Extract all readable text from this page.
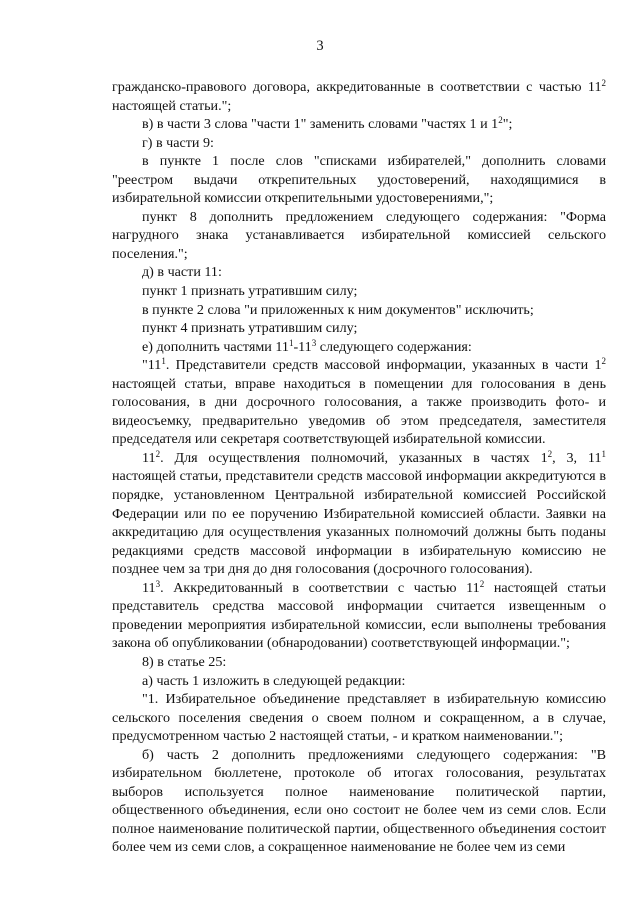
3

гражданско-правового договора, аккредитованные в соответствии с частью $11^2$ настоящей статьи.";

в) в части 3 слова "части 1" заменить словами "частях 1 и $1^2$";

г) в части 9:

в пункте 1 после слов "списками избирателей," дополнить словами "реестром выдачи открепительных удостоверений, находящимися в избирательной комиссии открепительными удостоверениями,";

пункт 8 дополнить предложением следующего содержания: "Форма нагрудного знака устанавливается избирательной комиссией сельского поселения.";

д) в части 11:

пункт 1 признать утратившим силу;

в пункте 2 слова "и приложенных к ним документов" исключить;

пункт 4 признать утратившим силу;

е) дополнить частями $11^1-11^3$ следующего содержания:

"$11^1$. Представители средств массовой информации, указанных в части $1^2$ настоящей статьи, вправе находиться в помещении для голосования в день голосования, в дни досрочного голосования, а также производить фото- и видеосъемку, предварительно уведомив об этом председателя, заместителя председателя или секретаря соответствующей избирательной комиссии.

$11^2$. Для осуществления полномочий, указанных в частях $1^2$, 3, $11^1$ настоящей статьи, представители средств массовой информации аккредитуются в порядке, установленном Центральной избирательной комиссией Российской Федерации или по ее поручению Избирательной комиссией области. Заявки на аккредитацию для осуществления указанных полномочий должны быть поданы редакциями средств массовой информации в избирательную комиссию не позднее чем за три дня до дня голосования (досрочного голосования).

$11^3$. Аккредитованный в соответствии с частью $11^2$ настоящей статьи представитель средства массовой информации считается извещенным о проведении мероприятия избирательной комиссии, если выполнены требования закона об опубликовании (обнародовании) соответствующей информации.";

8) в статье 25:

а) часть 1 изложить в следующей редакции:

"1. Избирательное объединение представляет в избирательную комиссию сельского поселения сведения о своем полном и сокращенном, а в случае, предусмотренном частью 2 настоящей статьи, - и кратком наименовании.";

б) часть 2 дополнить предложениями следующего содержания: "В избирательном бюллетене, протоколе об итогах голосования, результатах выборов используется полное наименование политической партии, общественного объединения, если оно состоит не более чем из семи слов. Если полное наименование политической партии, общественного объединения состоит более чем из семи слов, а сокращенное наименование не более чем из семи
